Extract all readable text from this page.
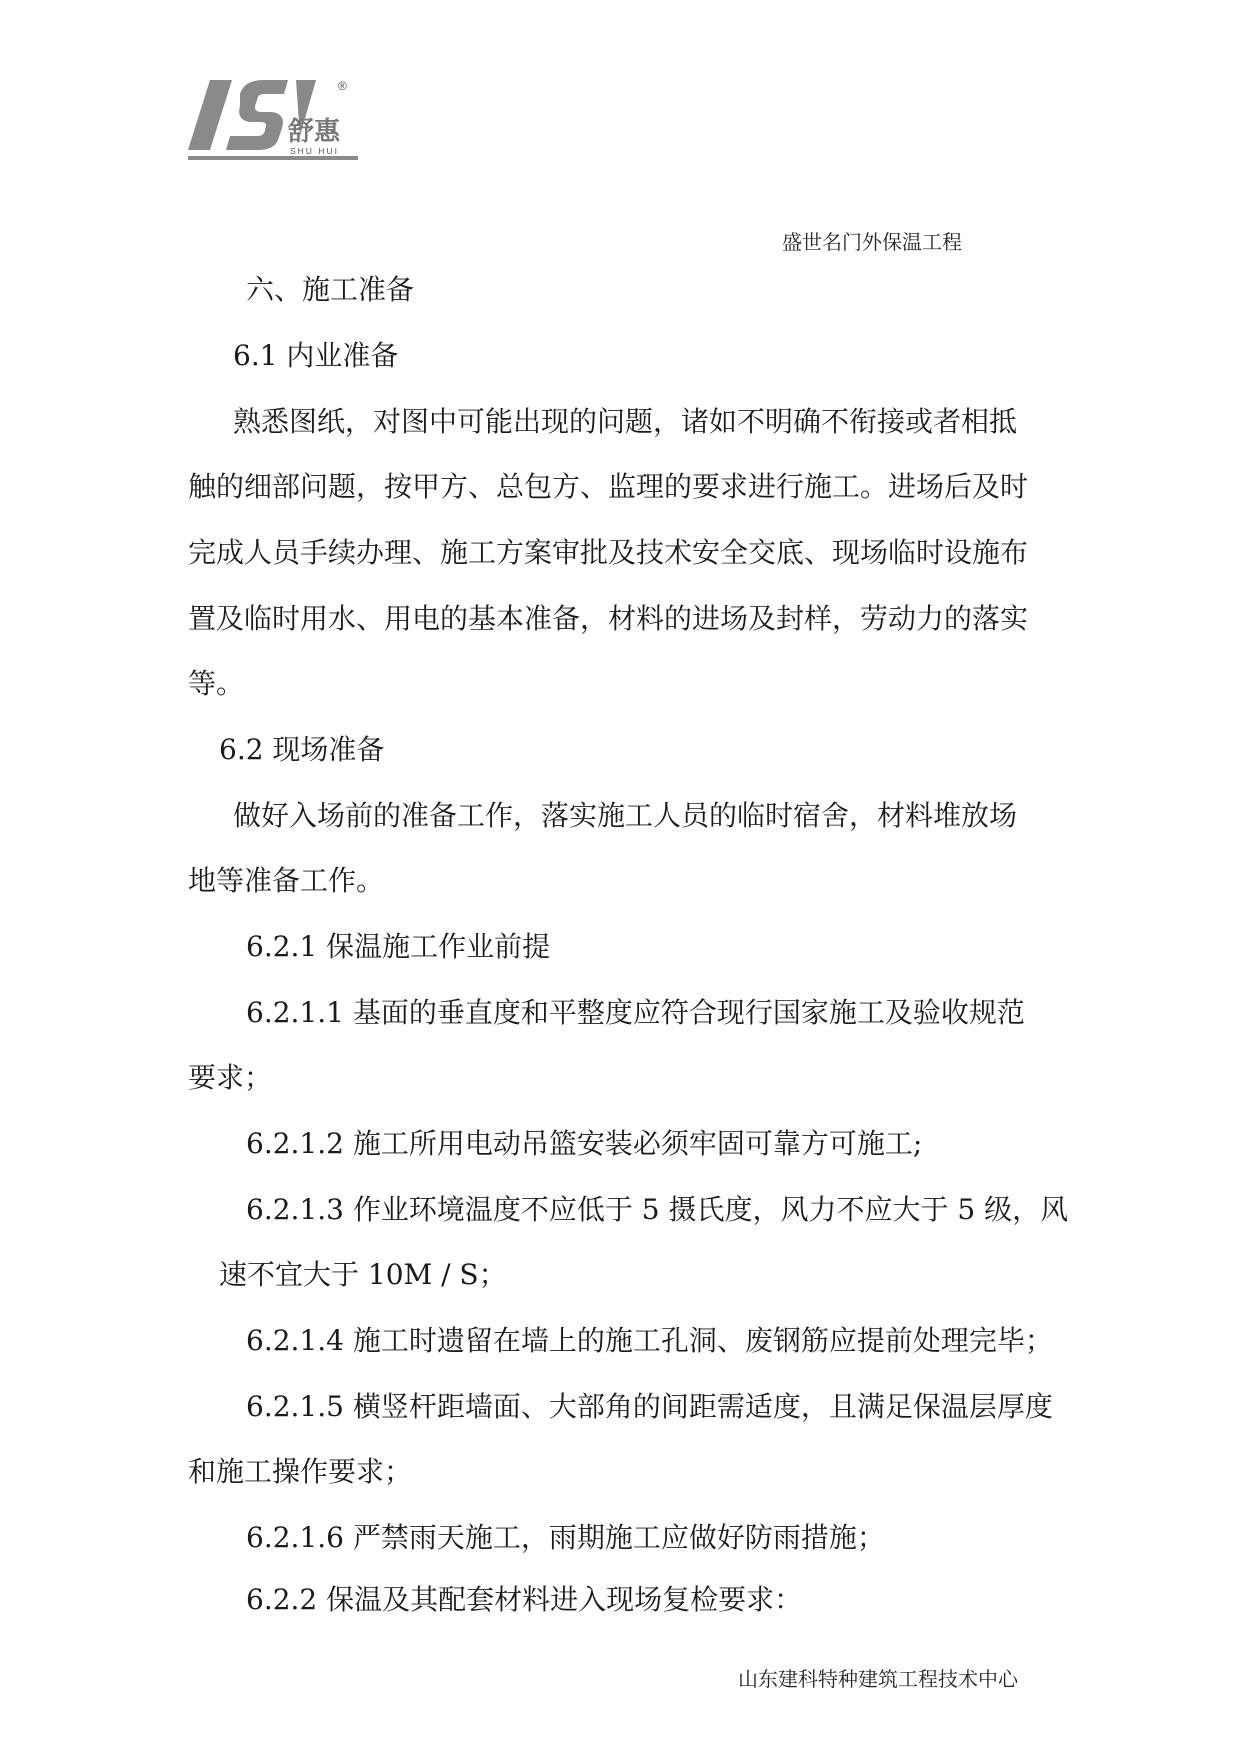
®
舒惠
SHU HUI
盛世名门外保温工程
六、施工准备
6.1 内业准备
熟悉图纸，对图中可能出现的问题，诸如不明确不衔接或者相抵
触的细部问题，按甲方、总包方、监理的要求进行施工。进场后及时
完成人员手续办理、施工方案审批及技术安全交底、现场临时设施布
置及临时用水、用电的基本准备，材料的进场及封样，劳动力的落实
等。
6.2 现场准备
做好入场前的准备工作，落实施工人员的临时宿舍，材料堆放场
地等准备工作。
6.2.1 保温施工作业前提
6.2.1.1 基面的垂直度和平整度应符合现行国家施工及验收规范
要求；
6.2.1.2 施工所用电动吊篮安装必须牢固可靠方可施工;
6.2.1.3 作业环境温度不应低于 5 摄氏度，风力不应大于 5 级，风
速不宜大于 10M / S；
6.2.1.4 施工时遗留在墙上的施工孔洞、废钢筋应提前处理完毕；
6.2.1.5 横竖杆距墙面、大部角的间距需适度，且满足保温层厚度
和施工操作要求；
6.2.1.6 严禁雨天施工，雨期施工应做好防雨措施；
6.2.2 保温及其配套材料进入现场复检要求：
山东建科特种建筑工程技术中心
